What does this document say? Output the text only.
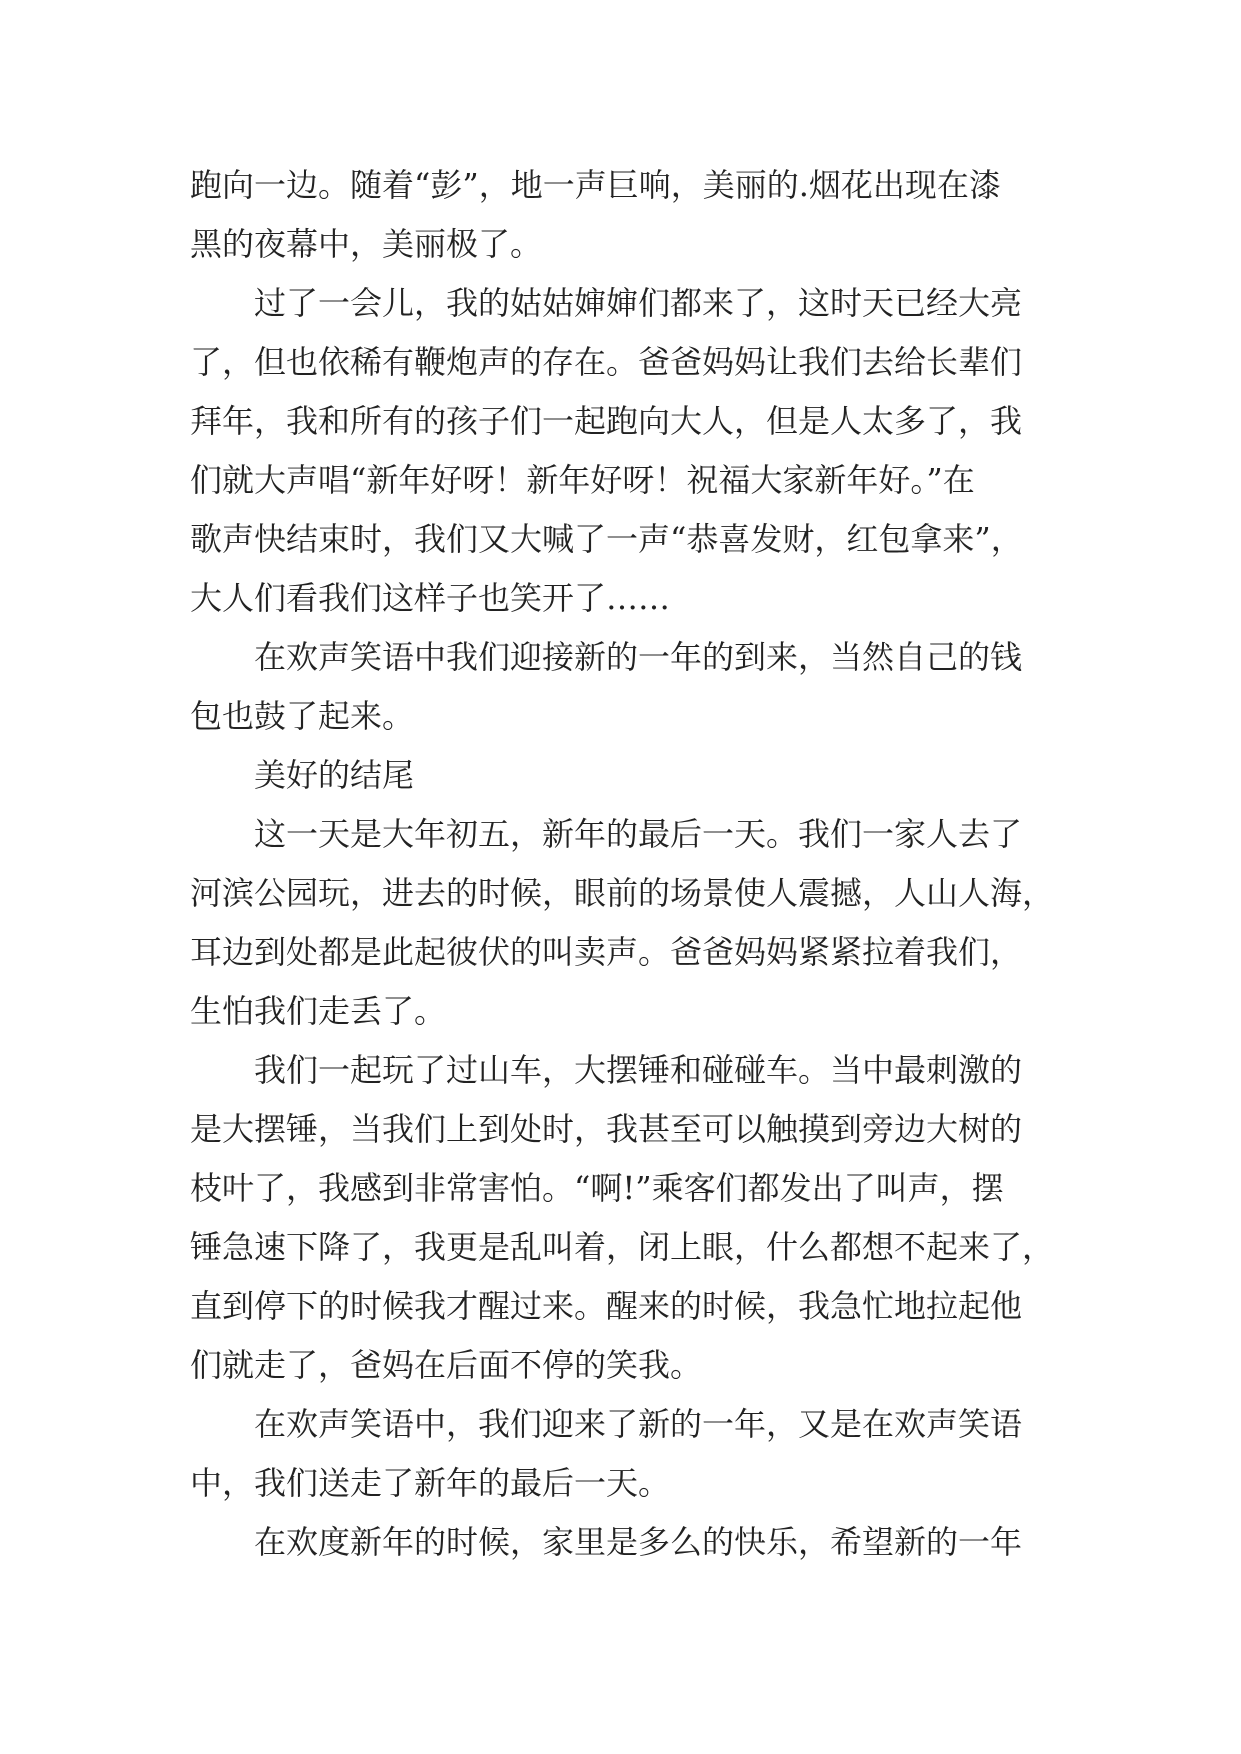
跑向一边。随着“彭”，地一声巨响，美丽的.烟花出现在漆
黑的夜幕中，美丽极了。
过了一会儿，我的姑姑婶婶们都来了，这时天已经大亮
了，但也依稀有鞭炮声的存在。爸爸妈妈让我们去给长辈们
拜年，我和所有的孩子们一起跑向大人，但是人太多了，我
们就大声唱“新年好呀！新年好呀！祝福大家新年好。”在
歌声快结束时，我们又大喊了一声“恭喜发财，红包拿来”，
大人们看我们这样子也笑开了……
在欢声笑语中我们迎接新的一年的到来，当然自己的钱
包也鼓了起来。
美好的结尾
这一天是大年初五，新年的最后一天。我们一家人去了
河滨公园玩，进去的时候，眼前的场景使人震撼，人山人海，
耳边到处都是此起彼伏的叫卖声。爸爸妈妈紧紧拉着我们，
生怕我们走丢了。
我们一起玩了过山车，大摆锤和碰碰车。当中最刺激的
是大摆锤，当我们上到处时，我甚至可以触摸到旁边大树的
枝叶了，我感到非常害怕。“啊!”乘客们都发出了叫声，摆
锤急速下降了，我更是乱叫着，闭上眼，什么都想不起来了，
直到停下的时候我才醒过来。醒来的时候，我急忙地拉起他
们就走了，爸妈在后面不停的笑我。
在欢声笑语中，我们迎来了新的一年，又是在欢声笑语
中，我们送走了新年的最后一天。
在欢度新年的时候，家里是多么的快乐，希望新的一年
